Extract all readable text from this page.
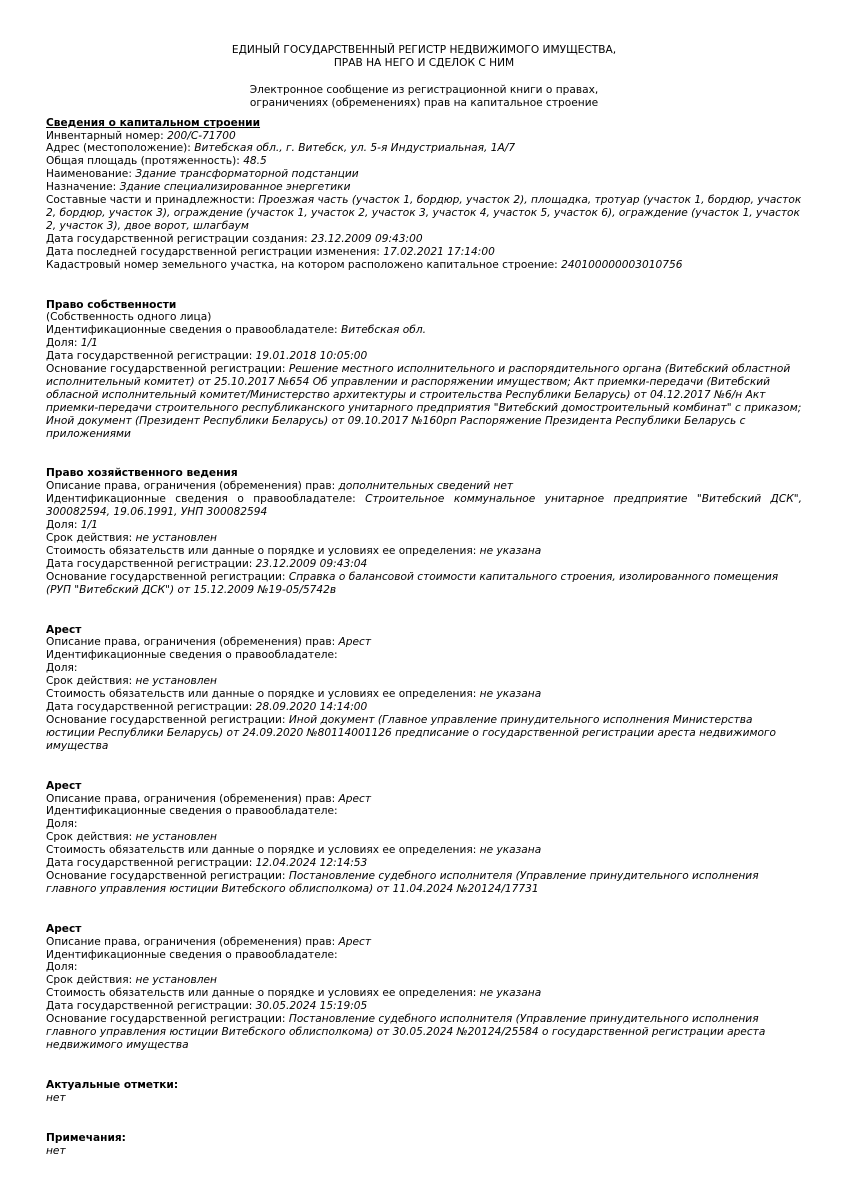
ЕДИНЫЙ ГОСУДАРСТВЕННЫЙ РЕГИСТР НЕДВИЖИМОГО ИМУЩЕСТВА,
ПРАВ НА НЕГО И СДЕЛОК С НИМ
Электронное сообщение из регистрационной книги о правах,
ограничениях (обременениях) прав на капитальное строение
Сведения о капитальном строении
Инвентарный номер: 200/C-71700
Адрес (местоположение): Витебская обл., г. Витебск, ул. 5-я Индустриальная, 1А/7
Общая площадь (протяженность): 48.5
Наименование: Здание трансформаторной подстанции
Назначение: Здание специализированное энергетики
Составные части и принадлежности: Проезжая часть (участок 1, бордюр, участок 2), площадка, тротуар (участок 1, бордюр, участок 2, бордюр, участок 3), ограждение (участок 1, участок 2, участок 3, участок 4, участок 5, участок 6), ограждение (участок 1, участок 2, участок 3), двое ворот, шлагбаум
Дата государственной регистрации создания: 23.12.2009 09:43:00
Дата последней государственной регистрации изменения: 17.02.2021 17:14:00
Кадастровый номер земельного участка, на котором расположено капитальное строение: 240100000003010756
Право собственности
(Собственность одного лица)
Идентификационные сведения о правообладателе: Витебская обл.
Доля: 1/1
Дата государственной регистрации: 19.01.2018 10:05:00
Основание государственной регистрации: Решение местного исполнительного и распорядительного органа (Витебский областной исполнительный комитет) от 25.10.2017 №654 Об управлении и распоряжении имуществом; Акт приемки-передачи (Витебский обласной исполнительный комитет/Министерство архитектуры и строительства Республики Беларусь) от 04.12.2017 №6/н Акт приемки-передачи строительного республиканского унитарного предприятия "Витебский домостроительный комбинат" с приказом; Иной документ (Президент Республики Беларусь) от 09.10.2017 №160рп Распоряжение Президента Республики Беларусь с приложениями
Право хозяйственного ведения
Описание права, ограничения (обременения) прав: дополнительных сведений нет
Идентификационные сведения о правообладателе: Строительное коммунальное унитарное предприятие "Витебский ДСК", 300082594, 19.06.1991, УНП 300082594
Доля: 1/1
Срок действия: не установлен
Стоимость обязательств или данные о порядке и условиях ее определения: не указана
Дата государственной регистрации: 23.12.2009 09:43:04
Основание государственной регистрации: Справка о балансовой стоимости капитального строения, изолированного помещения (РУП "Витебский ДСК") от 15.12.2009 №19-05/5742в
Арест
Описание права, ограничения (обременения) прав: Арест
Идентификационные сведения о правообладателе:
Доля:
Срок действия: не установлен
Стоимость обязательств или данные о порядке и условиях ее определения: не указана
Дата государственной регистрации: 28.09.2020 14:14:00
Основание государственной регистрации: Иной документ (Главное управление принудительного исполнения Министерства юстиции Республики Беларусь) от 24.09.2020 №80114001126 предписание о государственной регистрации ареста недвижимого имущества
Арест
Описание права, ограничения (обременения) прав: Арест
Идентификационные сведения о правообладателе:
Доля:
Срок действия: не установлен
Стоимость обязательств или данные о порядке и условиях ее определения: не указана
Дата государственной регистрации: 12.04.2024 12:14:53
Основание государственной регистрации: Постановление судебного исполнителя (Управление принудительного исполнения главного управления юстиции Витебского облисполкома) от 11.04.2024 №20124/17731
Арест
Описание права, ограничения (обременения) прав: Арест
Идентификационные сведения о правообладателе:
Доля:
Срок действия: не установлен
Стоимость обязательств или данные о порядке и условиях ее определения: не указана
Дата государственной регистрации: 30.05.2024 15:19:05
Основание государственной регистрации: Постановление судебного исполнителя (Управление принудительного исполнения главного управления юстиции Витебского облисполкома) от 30.05.2024 №20124/25584 о государственной регистрации ареста недвижимого имущества
Актуальные отметки:
нет
Примечания:
нет
